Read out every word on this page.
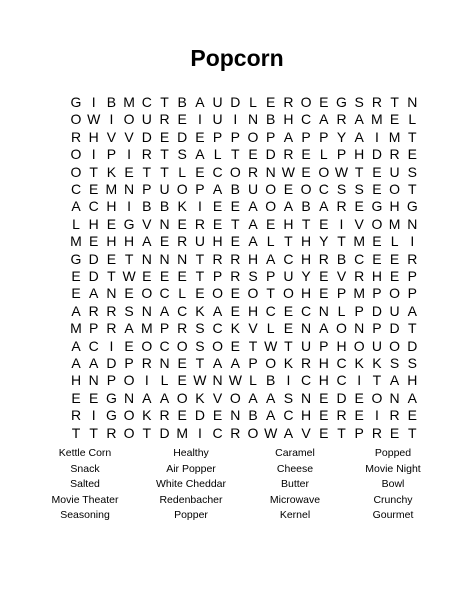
Popcorn
G I B M C T B A U D L E R O E G S R T N
O W I O U R E I U I N B H C A R A M E L
R H V V D E D E P P O P A P P Y A I M T
O I P I R T S A L T E D R E L P H D R E
O T K E T T L E C O R N W E O W T E U S
C E M N P U O P A B U O E O C S S E O T
A C H I B B K I E E A O A B A R E G H G
L H E G V N E R E T A E H T E I V O M N
M E H H A E R U H E A L T H Y T M E L I
G D E T N N N T R R H A C H R B C E E R
E D T W E E E T P R S P U Y E V R H E P
E A N E O C L E O E O T O H E P M P O P
A R R S N A C K A E H C E C N L P D U A
M P R A M P R S C K V L E N A O N P D T
A C I E O C O S O E T W T U P H O U O D
A A D P R N E T A A P O K R H C K K S S
H N P O I L E W N W L B I C H C I T A H
E E G N A A O K V O A A S N E D E O N A
R I G O K R E D E N B A C H E R E I R E
T T R O T D M I C R O W A V E T P R E T
Kettle Corn
Snack
Salted
Movie Theater
Seasoning
Healthy
Air Popper
White Cheddar
Redenbacher
Popper
Caramel
Cheese
Butter
Microwave
Kernel
Popped
Movie Night
Bowl
Crunchy
Gourmet
